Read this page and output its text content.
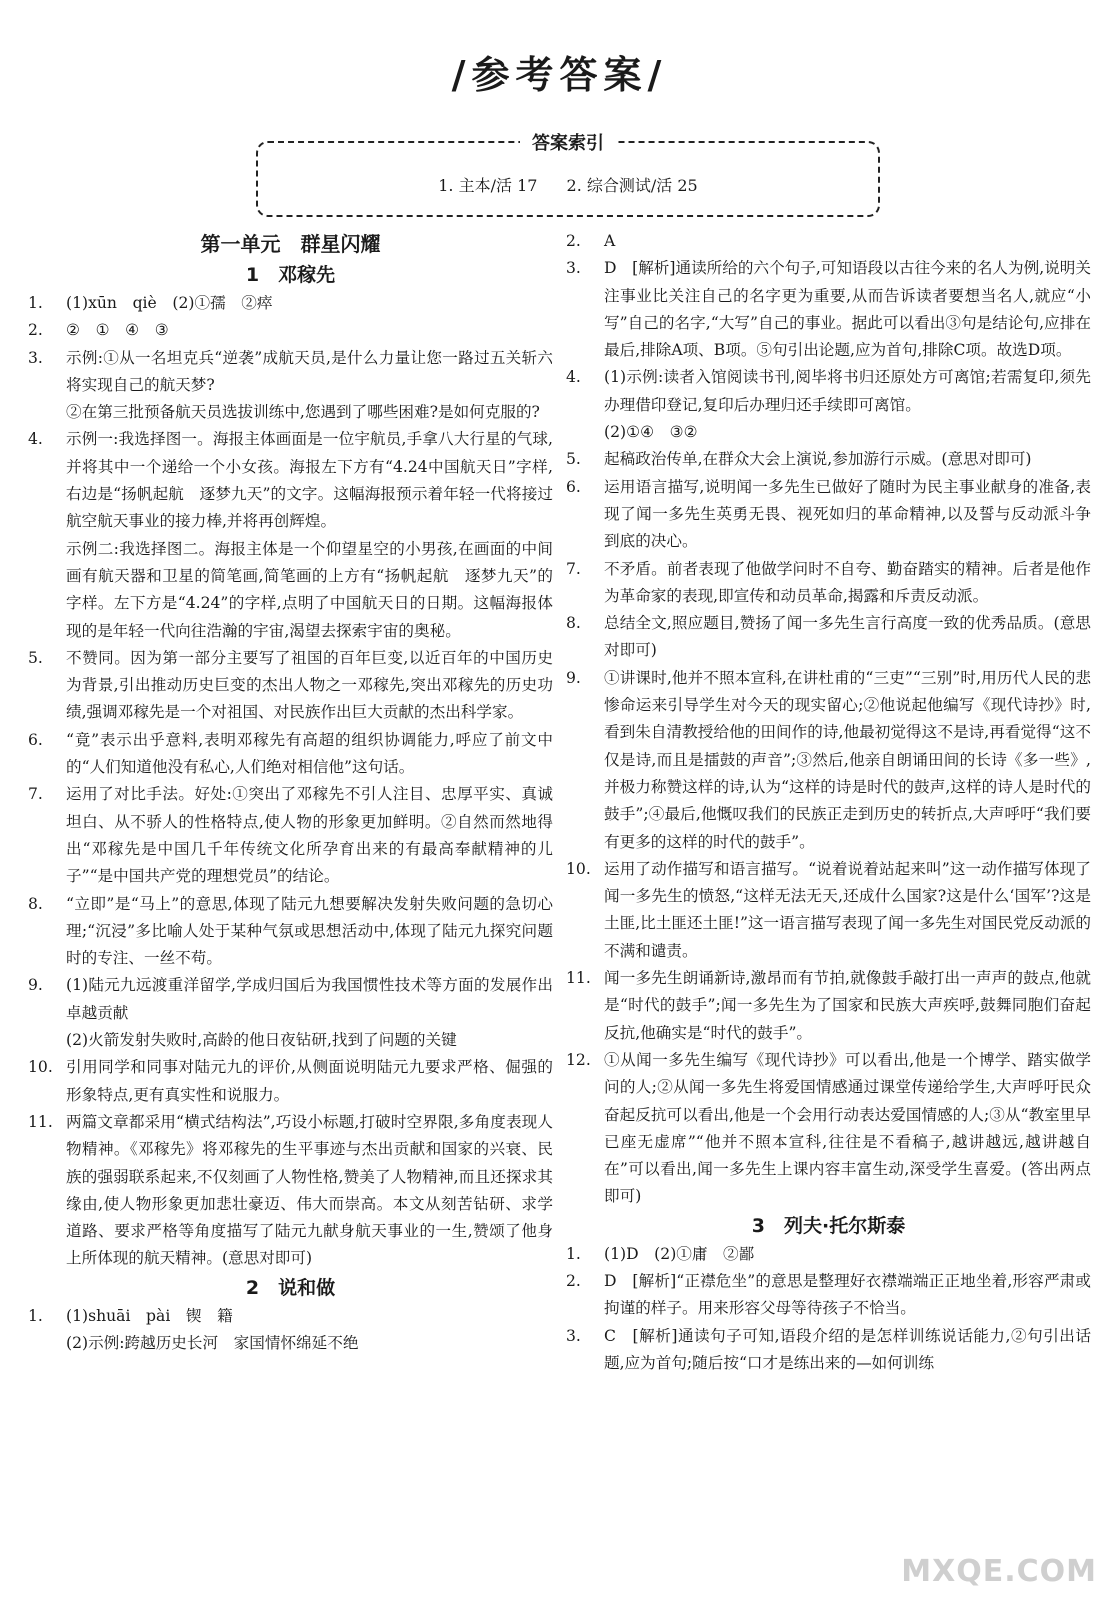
/参考答案/
答案索引
1. 主本/活 17 2. 综合测试/活 25
第一单元　群星闪耀
1　邓稼先
1. (1)xūn　qiè　(2)①孺　②瘁
2. ②　①　④　③
3. 示例:①从一名坦克兵“逆袭”成航天员,是什么力量让您一路过五关斩六将实现自己的航天梦?
②在第三批预备航天员选拔训练中,您遇到了哪些困难?是如何克服的?
4. 示例一:我选择图一。海报主体画面是一位宇航员,手拿八大行星的气球,并将其中一个递给一个小女孩。海报左下方有“4.24中国航天日”字样,右边是“扬帆起航　逐梦九天”的文字。这幅海报预示着年轻一代将接过航空航天事业的接力棒,并将再创辉煌。
示例二:我选择图二。海报主体是一个仰望星空的小男孩,在画面的中间画有航天器和卫星的简笔画,简笔画的上方有“扬帆起航　逐梦九天”的字样。左下方是“4.24”的字样,点明了中国航天日的日期。这幅海报体现的是年轻一代向往浩瀚的宇宙,渴望去探索宇宙的奥秘。
5. 不赞同。因为第一部分主要写了祖国的百年巨变,以近百年的中国历史为背景,引出推动历史巨变的杰出人物之一邓稼先,突出邓稼先的历史功绩,强调邓稼先是一个对祖国、对民族作出巨大贡献的杰出科学家。
6. “竟”表示出乎意料,表明邓稼先有高超的组织协调能力,呼应了前文中的“人们知道他没有私心,人们绝对相信他”这句话。
7. 运用了对比手法。好处:①突出了邓稼先不引人注目、忠厚平实、真诚坦白、从不骄人的性格特点,使人物的形象更加鲜明。②自然而然地得出“邓稼先是中国几千年传统文化所孕育出来的有最高奉献精神的儿子”“是中国共产党的理想党员”的结论。
8. “立即”是“马上”的意思,体现了陆元九想要解决发射失败问题的急切心理;“沉浸”多比喻人处于某种气氛或思想活动中,体现了陆元九探究问题时的专注、一丝不苟。
9. (1)陆元九远渡重洋留学,学成归国后为我国惯性技术等方面的发展作出卓越贡献
(2)火箭发射失败时,高龄的他日夜钻研,找到了问题的关键
10. 引用同学和同事对陆元九的评价,从侧面说明陆元九要求严格、倔强的形象特点,更有真实性和说服力。
11. 两篇文章都采用“横式结构法”,巧设小标题,打破时空界限,多角度表现人物精神。《邓稼先》将邓稼先的生平事迹与杰出贡献和国家的兴衰、民族的强弱联系起来,不仅刻画了人物性格,赞美了人物精神,而且还探求其缘由,使人物形象更加悲壮豪迈、伟大而崇高。本文从刻苦钻研、求学道路、要求严格等角度描写了陆元九献身航天事业的一生,赞颂了他身上所体现的航天精神。(意思对即可)
2　说和做
1. (1)shuāi　pài　锲　籍
(2)示例:跨越历史长河　家国情怀绵延不绝
2. A
3. D　[解析]通读所给的六个句子,可知语段以古往今来的名人为例,说明关注事业比关注自己的名字更为重要,从而告诉读者要想当名人,就应“小写”自己的名字,“大写”自己的事业。据此可以看出③句是结论句,应排在最后,排除A项、B项。⑤句引出论题,应为首句,排除C项。故选D项。
4. (1)示例:读者入馆阅读书刊,阅毕将书归还原处方可离馆;若需复印,须先办理借印登记,复印后办理归还手续即可离馆。
(2)①④　③②
5. 起稿政治传单,在群众大会上演说,参加游行示威。(意思对即可)
6. 运用语言描写,说明闻一多先生已做好了随时为民主事业献身的准备,表现了闻一多先生英勇无畏、视死如归的革命精神,以及誓与反动派斗争到底的决心。
7. 不矛盾。前者表现了他做学问时不自夸、勤奋踏实的精神。后者是他作为革命家的表现,即宣传和动员革命,揭露和斥责反动派。
8. 总结全文,照应题目,赞扬了闻一多先生言行高度一致的优秀品质。(意思对即可)
9. ①讲课时,他并不照本宣科,在讲杜甫的“三吏”“三别”时,用历代人民的悲惨命运来引导学生对今天的现实留心;②他说起他编写《现代诗抄》时,看到朱自清教授给他的田间作的诗,他最初觉得这不是诗,再看觉得“这不仅是诗,而且是擂鼓的声音”;③然后,他亲自朗诵田间的长诗《多一些》,并极力称赞这样的诗,认为“这样的诗是时代的鼓声,这样的诗人是时代的鼓手”;④最后,他慨叹我们的民族正走到历史的转折点,大声呼吁“我们要有更多的这样的时代的鼓手”。
10. 运用了动作描写和语言描写。“说着说着站起来叫”这一动作描写体现了闻一多先生的愤怒,“这样无法无天,还成什么国家?这是什么‘国军’?这是土匪,比土匪还土匪!”这一语言描写表现了闻一多先生对国民党反动派的不满和谴责。
11. 闻一多先生朗诵新诗,激昂而有节拍,就像鼓手敲打出一声声的鼓点,他就是“时代的鼓手”;闻一多先生为了国家和民族大声疾呼,鼓舞同胞们奋起反抗,他确实是“时代的鼓手”。
12. ①从闻一多先生编写《现代诗抄》可以看出,他是一个博学、踏实做学问的人;②从闻一多先生将爱国情感通过课堂传递给学生,大声呼吁民众奋起反抗可以看出,他是一个会用行动表达爱国情感的人;③从“教室里早已座无虚席”“他并不照本宣科,往往是不看稿子,越讲越远,越讲越自在”可以看出,闻一多先生上课内容丰富生动,深受学生喜爱。(答出两点即可)
3　列夫·托尔斯泰
1. (1)D　(2)①庸　②鄙
2. D　[解析]“正襟危坐”的意思是整理好衣襟端端正正地坐着,形容严肃或拘谨的样子。用来形容父母等待孩子不恰当。
3. C　[解析]通读句子可知,语段介绍的是怎样训练说话能力,②句引出话题,应为首句;随后按“口才是练出来的—如何训练
MXQE.COM
